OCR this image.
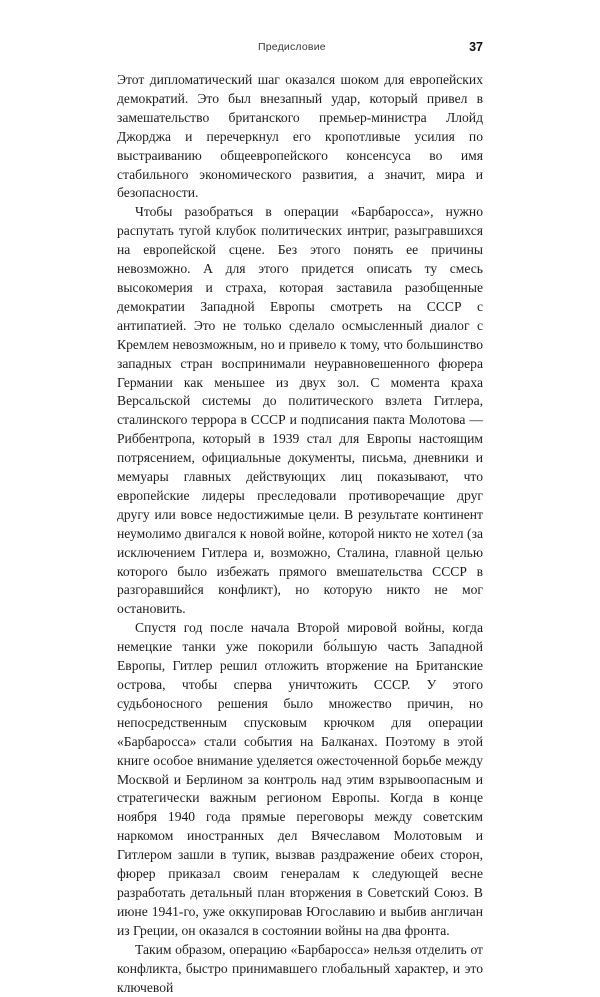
Предисловие	37

Этот дипломатический шаг оказался шоком для европейских демократий. Это был внезапный удар, который привел в замешательство британского премьер-министра Ллойд Джорджа и перечеркнул его кропотливые усилия по выстраиванию общеевропейского консенсуса во имя стабильного экономического развития, а значит, мира и безопасности.

Чтобы разобраться в операции «Барбаросса», нужно распутать тугой клубок политических интриг, разыгравшихся на европейской сцене. Без этого понять ее причины невозможно. А для этого придется описать ту смесь высокомерия и страха, которая заставила разобщенные демократии Западной Европы смотреть на СССР с антипатией. Это не только сделало осмысленный диалог с Кремлем невозможным, но и привело к тому, что большинство западных стран воспринимали неуравновешенного фюрера Германии как меньшее из двух зол. С момента краха Версальской системы до политического взлета Гитлера, сталинского террора в СССР и подписания пакта Молотова — Риббентропа, который в 1939 стал для Европы настоящим потрясением, официальные документы, письма, дневники и мемуары главных действующих лиц показывают, что европейские лидеры преследовали противоречащие друг другу или вовсе недостижимые цели. В результате континент неумолимо двигался к новой войне, которой никто не хотел (за исключением Гитлера и, возможно, Сталина, главной целью которого было избежать прямого вмешательства СССР в разгоравшийся конфликт), но которую никто не мог остановить.

Спустя год после начала Второй мировой войны, когда немецкие танки уже покорили бо́льшую часть Западной Европы, Гитлер решил отложить вторжение на Британские острова, чтобы сперва уничтожить СССР. У этого судьбоносного решения было множество причин, но непосредственным спусковым крючком для операции «Барбаросса» стали события на Балканах. Поэтому в этой книге особое внимание уделяется ожесточенной борьбе между Москвой и Берлином за контроль над этим взрывоопасным и стратегически важным регионом Европы. Когда в конце ноября 1940 года прямые переговоры между советским наркомом иностранных дел Вячеславом Молотовым и Гитлером зашли в тупик, вызвав раздражение обеих сторон, фюрер приказал своим генералам к следующей весне разработать детальный план вторжения в Советский Союз. В июне 1941-го, уже оккупировав Югославию и выбив англичан из Греции, он оказался в состоянии войны на два фронта.

Таким образом, операцию «Барбаросса» нельзя отделить от конфликта, быстро принимавшего глобальный характер, и это ключевой
